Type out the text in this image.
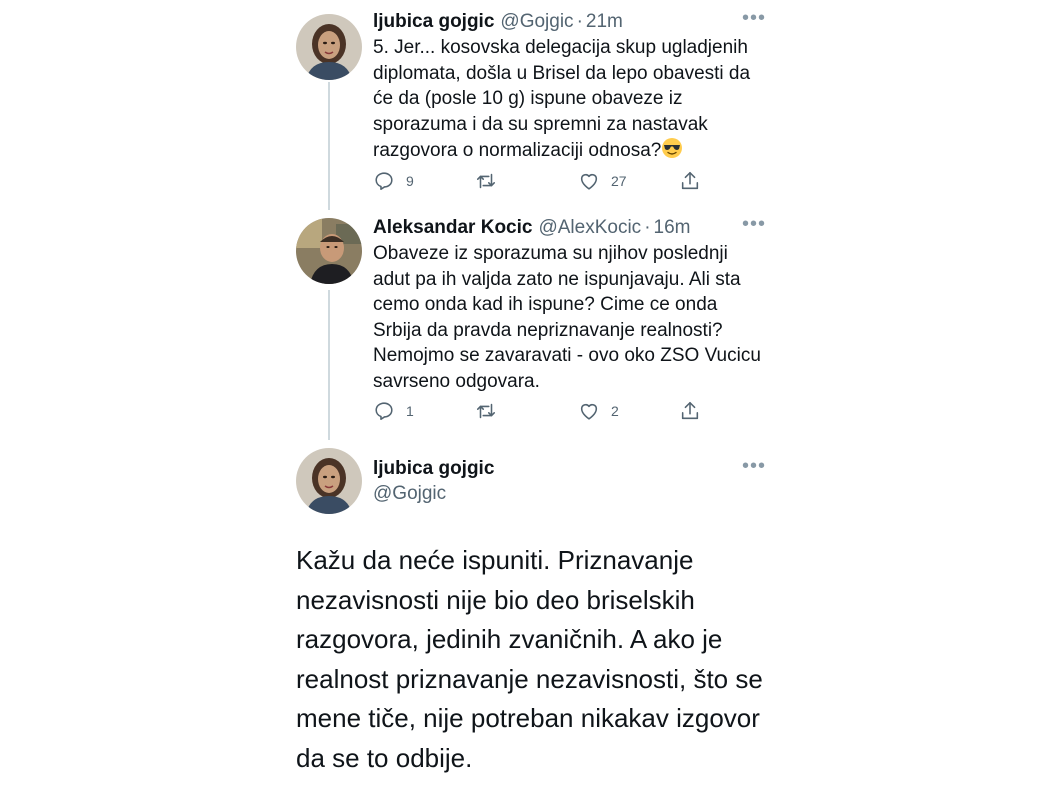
ljubica gojgic @Gojgic · 21m	•••
5. Jer... kosovska delegacija skup ugladjenih diplomata, došla u Brisel da lepo obavesti da će da (posle 10 g) ispune obaveze iz sporazuma i da su spremni za nastavak razgovora o normalizaciji odnosa?
9	27
Aleksandar Kocic @AlexKocic · 16m	•••
Obaveze iz sporazuma su njihov poslednji adut pa ih valjda zato ne ispunjavaju. Ali sta cemo onda kad ih ispune? Cime ce onda Srbija da pravda nepriznavanje realnosti? Nemojmo se zavaravati - ovo oko ZSO Vucicu savrseno odgovara.
1	2
ljubica gojgic
@Gojgic
•••
Kažu da neće ispuniti. Priznavanje nezavisnosti nije bio deo briselskih razgovora, jedinih zvaničnih. A ako je realnost priznavanje nezavisnosti, što se mene tiče, nije potreban nikakav izgovor da se to odbije.
